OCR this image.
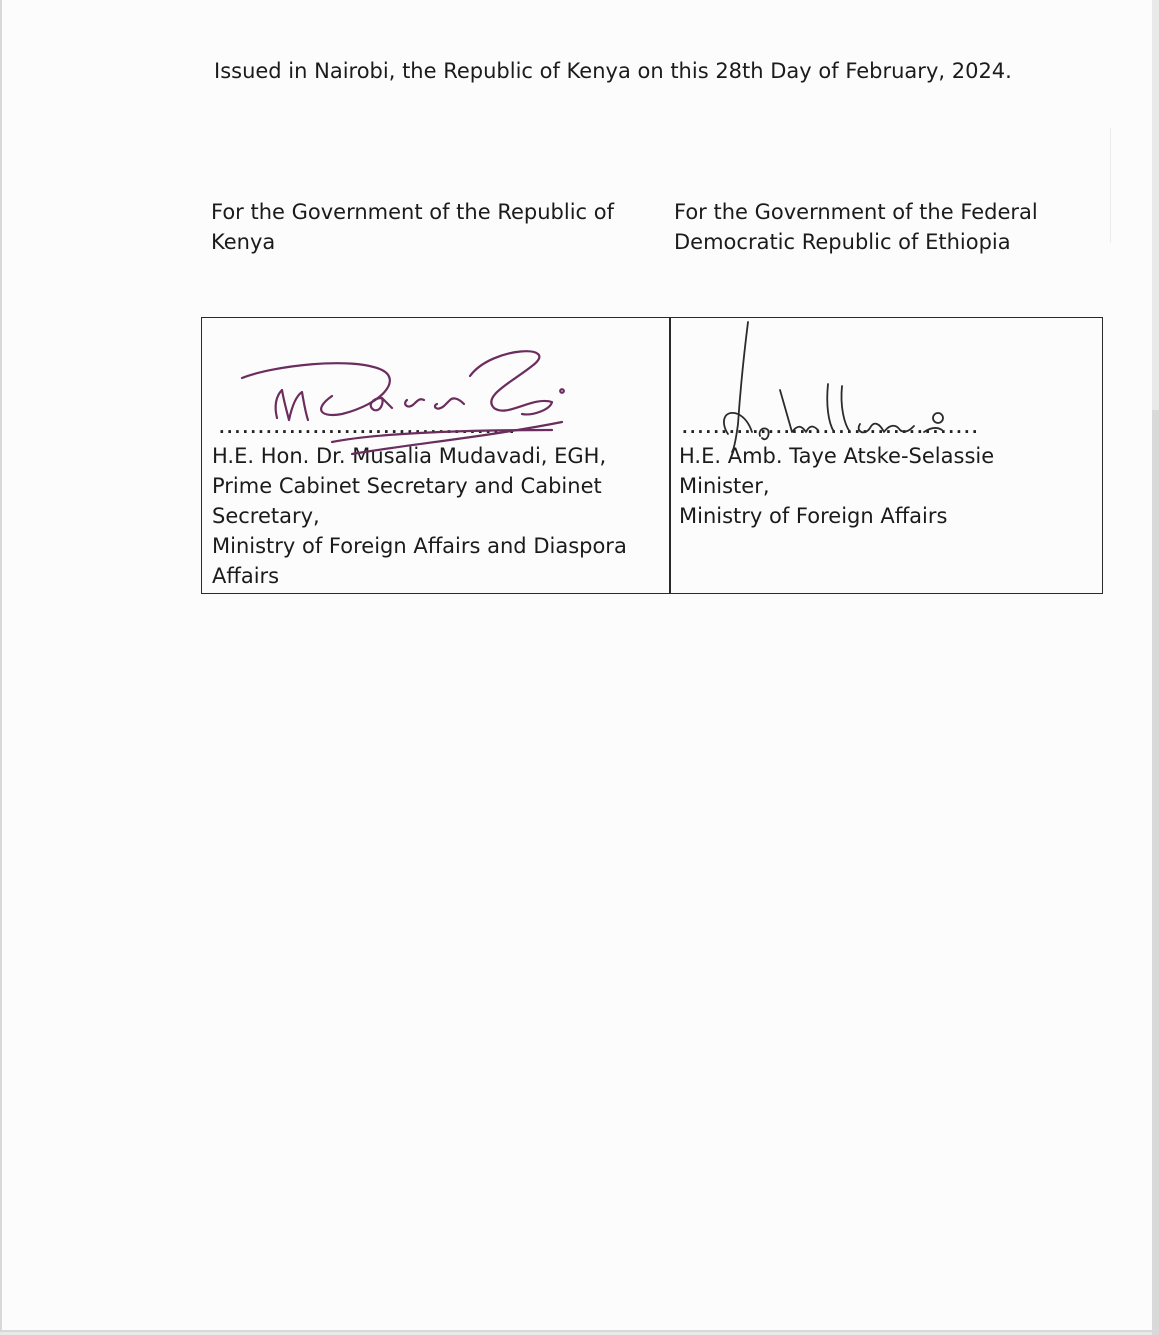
Issued in Nairobi, the Republic of Kenya on this 28th Day of February, 2024.
For the Government of the Republic of Kenya
For the Government of the Federal Democratic Republic of Ethiopia
......................................
H.E. Hon. Dr. Musalia Mudavadi, EGH,
Prime Cabinet Secretary and Cabinet Secretary,
Ministry of Foreign Affairs and Diaspora Affairs
......................................
H.E. Amb. Taye Atske-Selassie
Minister,
Ministry of Foreign Affairs
